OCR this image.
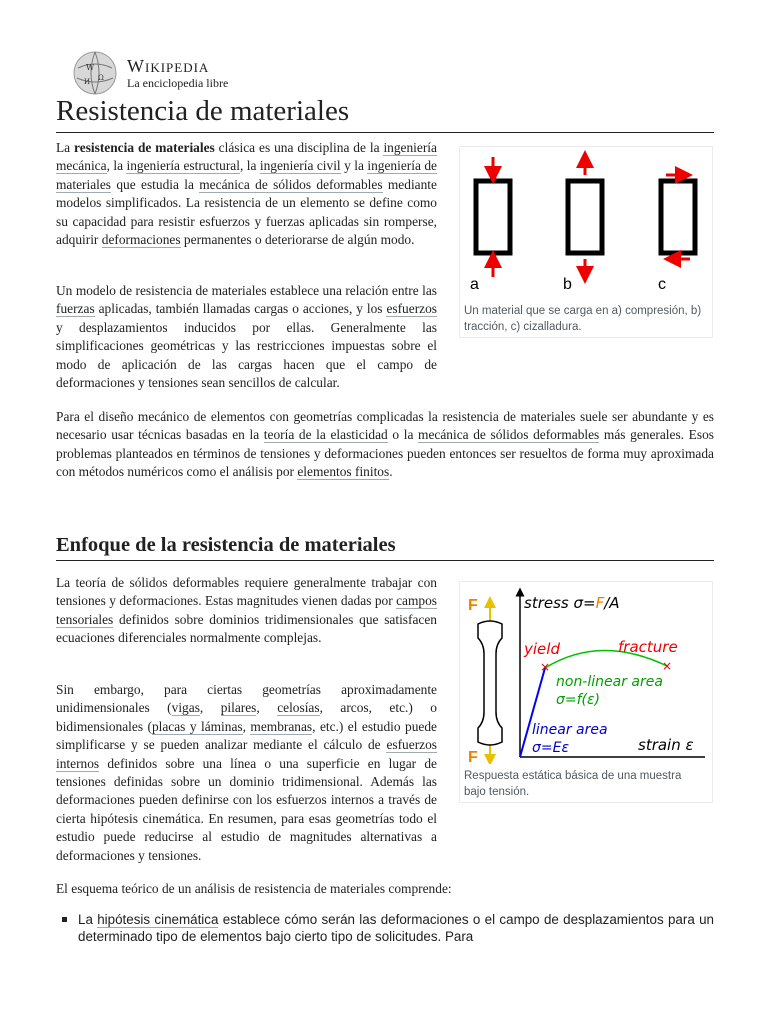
W
Ω
И
Wikipedia
La enciclopedia libre
Resistencia de materiales
a	b	c
Un material que se carga en a) compresión, b) tracción, c) cizalladura.

La resistencia de materiales clásica es una disciplina de la ingeniería mecánica, la ingeniería estructural, la ingeniería civil y la ingeniería de materiales que estudia la mecánica de sólidos deformables mediante modelos simplificados. La resistencia de un elemento se define como su capacidad para resistir esfuerzos y fuerzas aplicadas sin romperse, adquirir deformaciones permanentes o deteriorarse de algún modo.

Un modelo de resistencia de materiales establece una relación entre las fuerzas aplicadas, también llamadas cargas o acciones, y los esfuerzos y desplazamientos inducidos por ellas. Generalmente las simplificaciones geométricas y las restricciones impuestas sobre el modo de aplicación de las cargas hacen que el campo de deformaciones y tensiones sean sencillos de calcular.

Para el diseño mecánico de elementos con geometrías complicadas la resistencia de materiales suele ser abundante y es necesario usar técnicas basadas en la teoría de la elasticidad o la mecánica de sólidos deformables más generales. Esos problemas planteados en términos de tensiones y deformaciones pueden entonces ser resueltos de forma muy aproximada con métodos numéricos como el análisis por elementos finitos.

Enfoque de la resistencia de materiales
F
F
stress σ=F/A
strain ε
×	×
yield	fracture
non-linear area
σ=f(ε)
linear area
σ=Eε
Respuesta estática básica de una muestra bajo tensión.

La teoría de sólidos deformables requiere generalmente trabajar con tensiones y deformaciones. Estas magnitudes vienen dadas por campos tensoriales definidos sobre dominios tridimensionales que satisfacen ecuaciones diferenciales normalmente complejas.

Sin embargo, para ciertas geometrías aproximadamente unidimensionales (vigas, pilares, celosías, arcos, etc.) o bidimensionales (placas y láminas, membranas, etc.) el estudio puede simplificarse y se pueden analizar mediante el cálculo de esfuerzos internos definidos sobre una línea o una superficie en lugar de tensiones definidas sobre un dominio tridimensional. Además las deformaciones pueden definirse con los esfuerzos internos a través de cierta hipótesis cinemática. En resumen, para esas geometrías todo el estudio puede reducirse al estudio de magnitudes alternativas a deformaciones y tensiones.

El esquema teórico de un análisis de resistencia de materiales comprende:

La hipótesis cinemática establece cómo serán las deformaciones o el campo de desplazamientos para un determinado tipo de elementos bajo cierto tipo de solicitudes. Para
